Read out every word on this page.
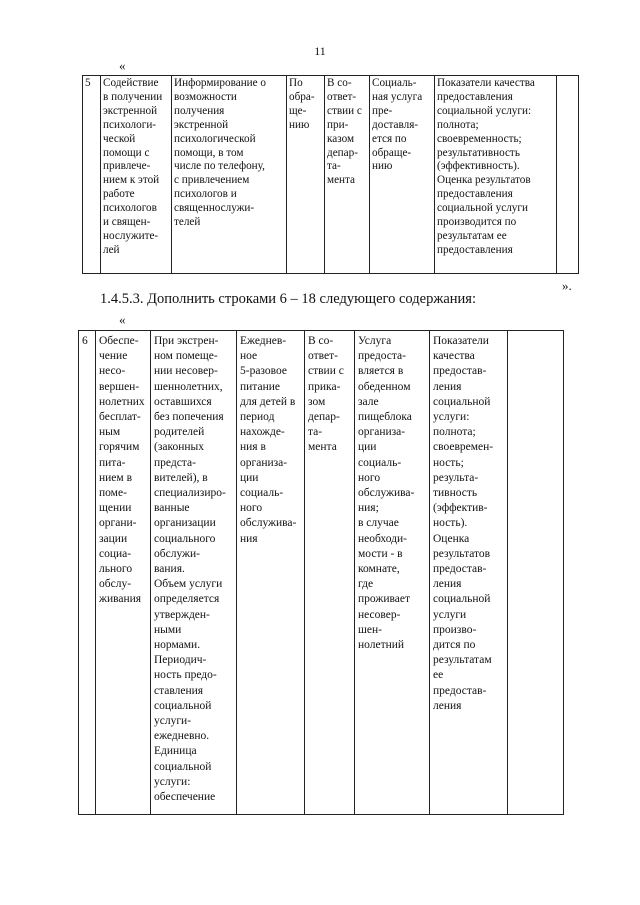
11
«
5	Содействие
в получении
экстренной
психологи-
ческой
помощи с
привлече-
нием к этой
работе
психологов
и священ-
нослужите-
лей	Информирование о
возможности
получения
экстренной
психологической
помощи, в том
числе по телефону,
с привлечением
психологов и
священнослужи-
телей	По
обра-
ще-
нию	В со-
ответ-
ствии с
при-
казом
депар-
та-
мента	Социаль-
ная услуга
пре-
доставля-
ется по
обраще-
нию	Показатели качества
предоставления
социальной услуги:
полнота;
своевременность;
результативность
(эффективность).
Оценка результатов
предоставления
социальной услуги
производится по
результатам ее
предоставления	
».
1.4.5.3. Дополнить строками 6 – 18 следующего содержания:
«
6	Обеспе-
чение
несо-
вершен-
нолетних
бесплат-
ным
горячим
пита-
нием в
поме-
щении
органи-
зации
социа-
льного
обслу-
живания	При экстрен-
ном помеще-
нии несовер-
шеннолетних,
оставшихся
без попечения
родителей
(законных
предста-
вителей), в
специализиро-
ванные
организации
социального
обслужи-
вания.
Объем услуги
определяется
утвержден-
ными
нормами.
Периодич-
ность предо-
ставления
социальной
услуги-
ежедневно.
Единица
социальной
услуги:
обеспечение	Ежеднев-
ное
5-разовое
питание
для детей в
период
нахожде-
ния в
организа-
ции
социаль-
ного
обслужива-
ния	В со-
ответ-
ствии с
прика-
зом
депар-
та-
мента	Услуга
предоста-
вляется в
обеденном
зале
пищеблока
организа-
ции
социаль-
ного
обслужива-
ния;
в случае
необходи-
мости - в
комнате,
где
проживает
несовер-
шен-
нолетний	Показатели
качества
предостав-
ления
социальной
услуги:
полнота;
своевремен-
ность;
результа-
тивность
(эффектив-
ность).
Оценка
результатов
предостав-
ления
социальной
услуги
произво-
дится по
результатам
ее
предостав-
ления	
